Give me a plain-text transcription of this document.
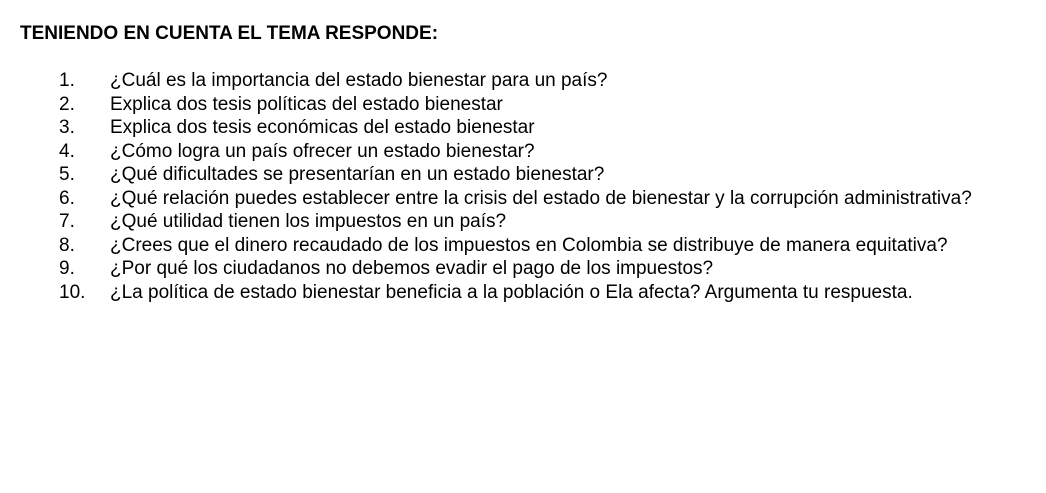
TENIENDO EN CUENTA EL TEMA RESPONDE:
1.	¿Cuál es la importancia del estado bienestar para un país?
2.	Explica dos tesis políticas del estado bienestar
3.	Explica dos tesis económicas del estado bienestar
4.	¿Cómo logra un país ofrecer un estado bienestar?
5.	¿Qué dificultades se presentarían en un estado bienestar?
6.	¿Qué relación puedes establecer entre la crisis del estado de bienestar y la corrupción administrativa?
7.	¿Qué utilidad tienen los impuestos en un país?
8.	¿Crees que el dinero recaudado de los impuestos en Colombia se distribuye de manera equitativa?
9.	¿Por qué los ciudadanos no debemos evadir el pago de los impuestos?
10.	¿La política de estado bienestar beneficia a la población o Ela afecta? Argumenta tu respuesta.
